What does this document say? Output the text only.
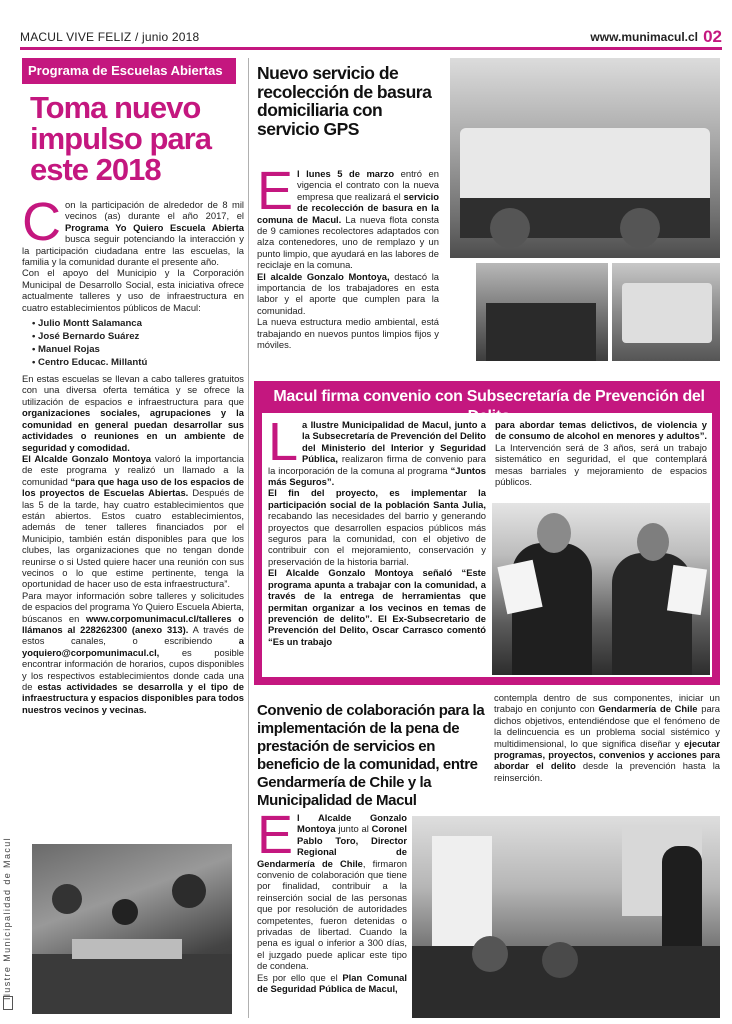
MACUL VIVE FELIZ / junio 2018	www.munimacul.cl 02
Ilustre Municipalidad de Macul
Programa de Escuelas Abiertas
Toma nuevo impulso para este 2018

Con la participación de alrededor de 8 mil vecinos (as) durante el año 2017, el Programa Yo Quiero Escuela Abierta busca seguir potenciando la interacción y la participación ciudadana entre las escuelas, la familia y la comunidad durante el presente año.

Con el apoyo del Municipio y la Corporación Municipal de Desarrollo Social, esta iniciativa ofrece actualmente talleres y uso de infraestructura en cuatro establecimientos públicos de Macul:

• Julio Montt Salamanca
• José Bernardo Suárez
• Manuel Rojas
• Centro Educac. Millantú

En estas escuelas se llevan a cabo talleres gratuitos con una diversa oferta temática y se ofrece la utilización de espacios e infraestructura para que organizaciones sociales, agrupaciones y la comunidad en general puedan desarrollar sus actividades o reuniones en un ambiente de seguridad y comodidad.

El Alcalde Gonzalo Montoya valoró la importancia de este programa y realizó un llamado a la comunidad “para que haga uso de los espacios de los proyectos de Escuelas Abiertas. Después de las 5 de la tarde, hay cuatro establecimientos que están abiertos. Estos cuatro establecimientos, además de tener talleres financiados por el Municipio, también están disponibles para que los clubes, las organizaciones que no tengan donde reunirse o si Usted quiere hacer una reunión con sus vecinos o lo que estime pertinente, tenga la oportunidad de hacer uso de esta infraestructura”.

Para mayor información sobre talleres y solicitudes de espacios del programa Yo Quiero Escuela Abierta, búscanos en www.corpomunimacul.cl/talleres o llámanos al 228262300 (anexo 313). A través de estos canales, o escribiendo a yoquiero@corpomunimacul.cl, es posible encontrar información de horarios, cupos disponibles y los respectivos establecimientos donde cada una de estas actividades se desarrolla y el tipo de infraestructura y espacios disponibles para todos nuestros vecinos y vecinas.

Nuevo servicio de recolección de basura domiciliaria con servicio GPS

El lunes 5 de marzo entró en vigencia el contrato con la nueva empresa que realizará el servicio de recolección de basura en la comuna de Macul. La nueva flota consta de 9 camiones recolectores adaptados con alza contenedores, uno de remplazo y un punto limpio, que ayudará en las labores de reciclaje en la comuna.

El alcalde Gonzalo Montoya, destacó la importancia de los trabajadores en esta labor y el aporte que cumplen para la comunidad.

La nueva estructura medio ambiental, está trabajando en nuevos puntos limpios fijos y móviles.

Macul firma convenio con Subsecretaría de Prevención del

La Ilustre Municipalidad de Macul, junto a la Subsecretaría de Prevención del Delito del Ministerio del Interior y Seguridad Pública, realizaron firma de convenio para la incorporación de la comuna al programa “Juntos más Seguros”.

El fin del proyecto, es implementar la participación social de la población Santa Julia, recabando las necesidades del barrio y generando proyectos que desarrollen espacios públicos más seguros para la comunidad, con el objetivo de contribuir con el mejoramiento, conservación y preservación de la historia barrial.

El Alcalde Gonzalo Montoya señaló “Este programa apunta a trabajar con la comunidad, a través de la entrega de herramientas que permitan organizar a los vecinos en temas de prevención de delito”. El Ex-Subsecretario de Prevención del Delito, Oscar Carrasco comentó “Es un trabajo

para abordar temas delictivos, de violencia y de consumo de alcohol en menores y adultos”. La Intervención será de 3 años, será un trabajo sistemático en seguridad, el que contemplará mesas barriales y mejoramiento de espacios públicos.

Convenio de colaboración para la implementación de la pena de prestación de servicios en beneficio de la comunidad, entre Gendarmería de Chile y la Municipalidad de Macul

contempla dentro de sus componentes, iniciar un trabajo en conjunto con Gendarmería de Chile para dichos objetivos, entendiéndose que el fenómeno de la delincuencia es un problema social sistémico y multidimensional, lo que significa diseñar y ejecutar programas, proyectos, convenios y acciones para abordar el delito desde la prevención hasta la reinserción.

El Alcalde Gonzalo Montoya junto al Coronel Pablo Toro, Director Regional de Gendarmería de Chile, firmaron convenio de colaboración que tiene por finalidad, contribuir a la reinserción social de las personas que por resolución de autoridades competentes, fueron detenidas o privadas de libertad. Cuando la pena es igual o inferior a 300 días, el juzgado puede aplicar este tipo de condena.

Es por ello que el Plan Comunal de Seguridad Pública de Macul,
